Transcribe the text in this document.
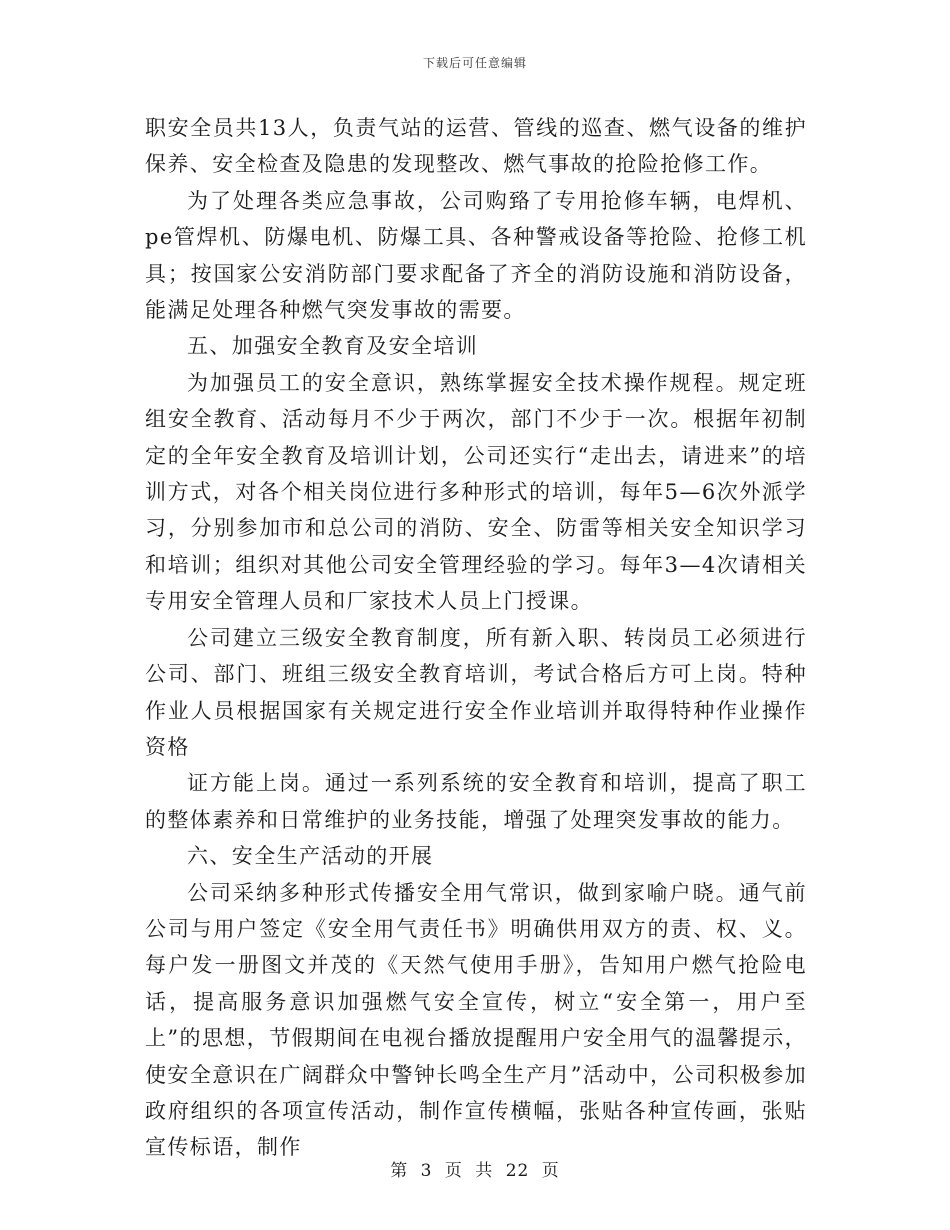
下载后可任意编辑

职安全员共13人，负责气站的运营、管线的巡查、燃气设备的维护保养、安全检查及隐患的发现整改、燃气事故的抢险抢修工作。

为了处理各类应急事故，公司购臵了专用抢修车辆，电焊机、pe管焊机、防爆电机、防爆工具、各种警戒设备等抢险、抢修工机具；按国家公安消防部门要求配备了齐全的消防设施和消防设备，能满足处理各种燃气突发事故的需要。

五、加强安全教育及安全培训

为加强员工的安全意识，熟练掌握安全技术操作规程。规定班组安全教育、活动每月不少于两次，部门不少于一次。根据年初制定的全年安全教育及培训计划，公司还实行“走出去，请进来”的培训方式，对各个相关岗位进行多种形式的培训，每年5—6次外派学习，分别参加市和总公司的消防、安全、防雷等相关安全知识学习和培训；组织对其他公司安全管理经验的学习。每年3—4次请相关专用安全管理人员和厂家技术人员上门授课。

公司建立三级安全教育制度，所有新入职、转岗员工必须进行公司、部门、班组三级安全教育培训，考试合格后方可上岗。特种作业人员根据国家有关规定进行安全作业培训并取得特种作业操作资格

证方能上岗。通过一系列系统的安全教育和培训，提高了职工的整体素养和日常维护的业务技能，增强了处理突发事故的能力。

六、安全生产活动的开展

公司采纳多种形式传播安全用气常识，做到家喻户晓。通气前公司与用户签定《安全用气责任书》明确供用双方的责、权、义。每户发一册图文并茂的《天然气使用手册》，告知用户燃气抢险电话，提高服务意识加强燃气安全宣传，树立“安全第一，用户至上”的思想，节假期间在电视台播放提醒用户安全用气的温馨提示，使安全意识在广阔群众中警钟长鸣全生产月”活动中，公司积极参加政府组织的各项宣传活动，制作宣传横幅，张贴各种宣传画，张贴宣传标语，制作

第 3 页 共 22 页
